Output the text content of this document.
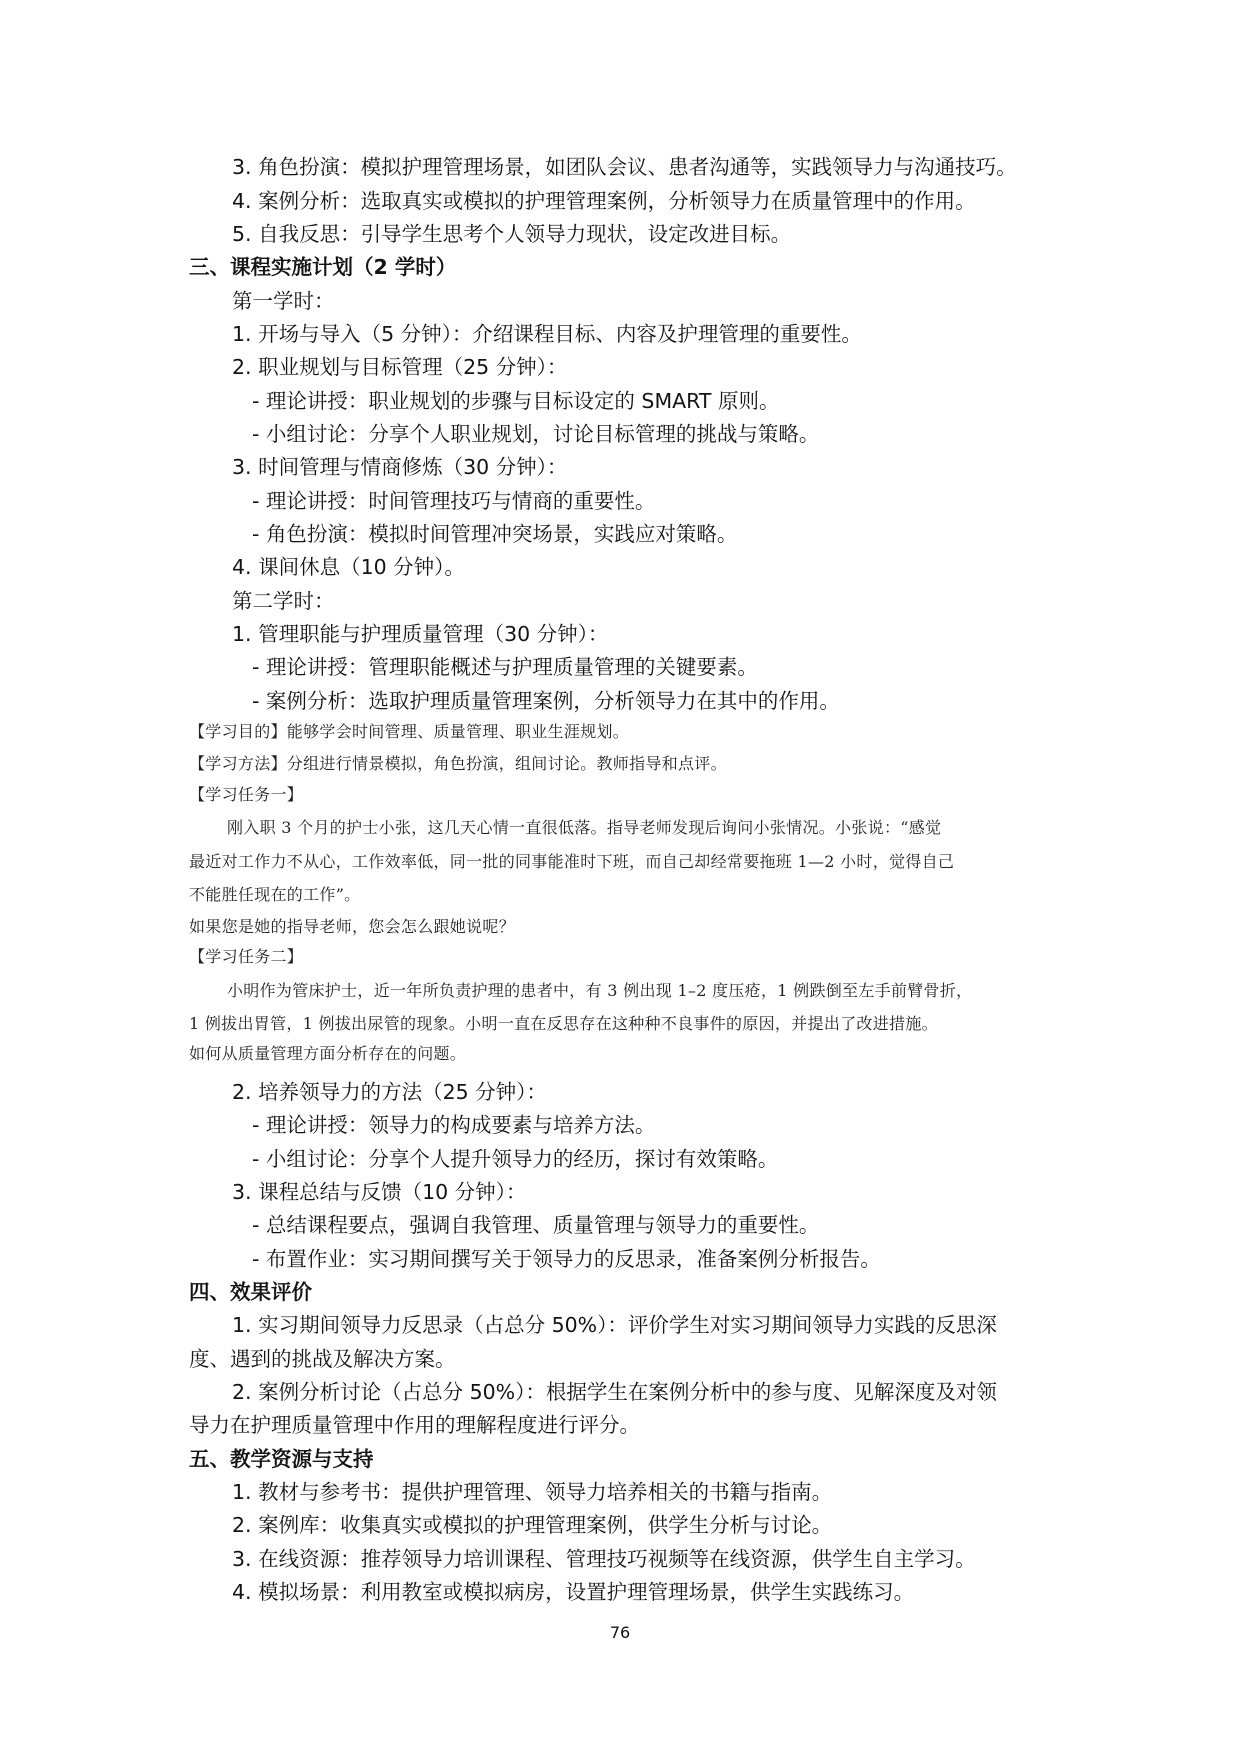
3. 角色扮演：模拟护理管理场景，如团队会议、患者沟通等，实践领导力与沟通技巧。
4. 案例分析：选取真实或模拟的护理管理案例，分析领导力在质量管理中的作用。
5. 自我反思：引导学生思考个人领导力现状，设定改进目标。
三、课程实施计划（2 学时）
第一学时：
1. 开场与导入（5 分钟）：介绍课程目标、内容及护理管理的重要性。
2. 职业规划与目标管理（25 分钟）：
- 理论讲授：职业规划的步骤与目标设定的 SMART 原则。
- 小组讨论：分享个人职业规划，讨论目标管理的挑战与策略。
3. 时间管理与情商修炼（30 分钟）：
- 理论讲授：时间管理技巧与情商的重要性。
- 角色扮演：模拟时间管理冲突场景，实践应对策略。
4. 课间休息（10 分钟）。
第二学时：
1. 管理职能与护理质量管理（30 分钟）：
- 理论讲授：管理职能概述与护理质量管理的关键要素。
- 案例分析：选取护理质量管理案例，分析领导力在其中的作用。
【学习目的】能够学会时间管理、质量管理、职业生涯规划。
【学习方法】分组进行情景模拟，角色扮演，组间讨论。教师指导和点评。
【学习任务一】
刚入职 3 个月的护士小张，这几天心情一直很低落。指导老师发现后询问小张情况。小张说：“感觉
最近对工作力不从心，工作效率低，同一批的同事能准时下班，而自己却经常要拖班 1—2 小时，觉得自己
不能胜任现在的工作”。
如果您是她的指导老师，您会怎么跟她说呢？
【学习任务二】
小明作为管床护士，近一年所负责护理的患者中，有 3 例出现 1–2 度压疮，1 例跌倒至左手前臂骨折，
1 例拔出胃管，1 例拔出尿管的现象。小明一直在反思存在这种种不良事件的原因，并提出了改进措施。
如何从质量管理方面分析存在的问题。
2. 培养领导力的方法（25 分钟）：
- 理论讲授：领导力的构成要素与培养方法。
- 小组讨论：分享个人提升领导力的经历，探讨有效策略。
3. 课程总结与反馈（10 分钟）：
- 总结课程要点，强调自我管理、质量管理与领导力的重要性。
- 布置作业：实习期间撰写关于领导力的反思录，准备案例分析报告。
四、效果评价
1. 实习期间领导力反思录（占总分 50%）：评价学生对实习期间领导力实践的反思深
度、遇到的挑战及解决方案。
2. 案例分析讨论（占总分 50%）：根据学生在案例分析中的参与度、见解深度及对领
导力在护理质量管理中作用的理解程度进行评分。
五、教学资源与支持
1. 教材与参考书：提供护理管理、领导力培养相关的书籍与指南。
2. 案例库：收集真实或模拟的护理管理案例，供学生分析与讨论。
3. 在线资源：推荐领导力培训课程、管理技巧视频等在线资源，供学生自主学习。
4. 模拟场景：利用教室或模拟病房，设置护理管理场景，供学生实践练习。
76
